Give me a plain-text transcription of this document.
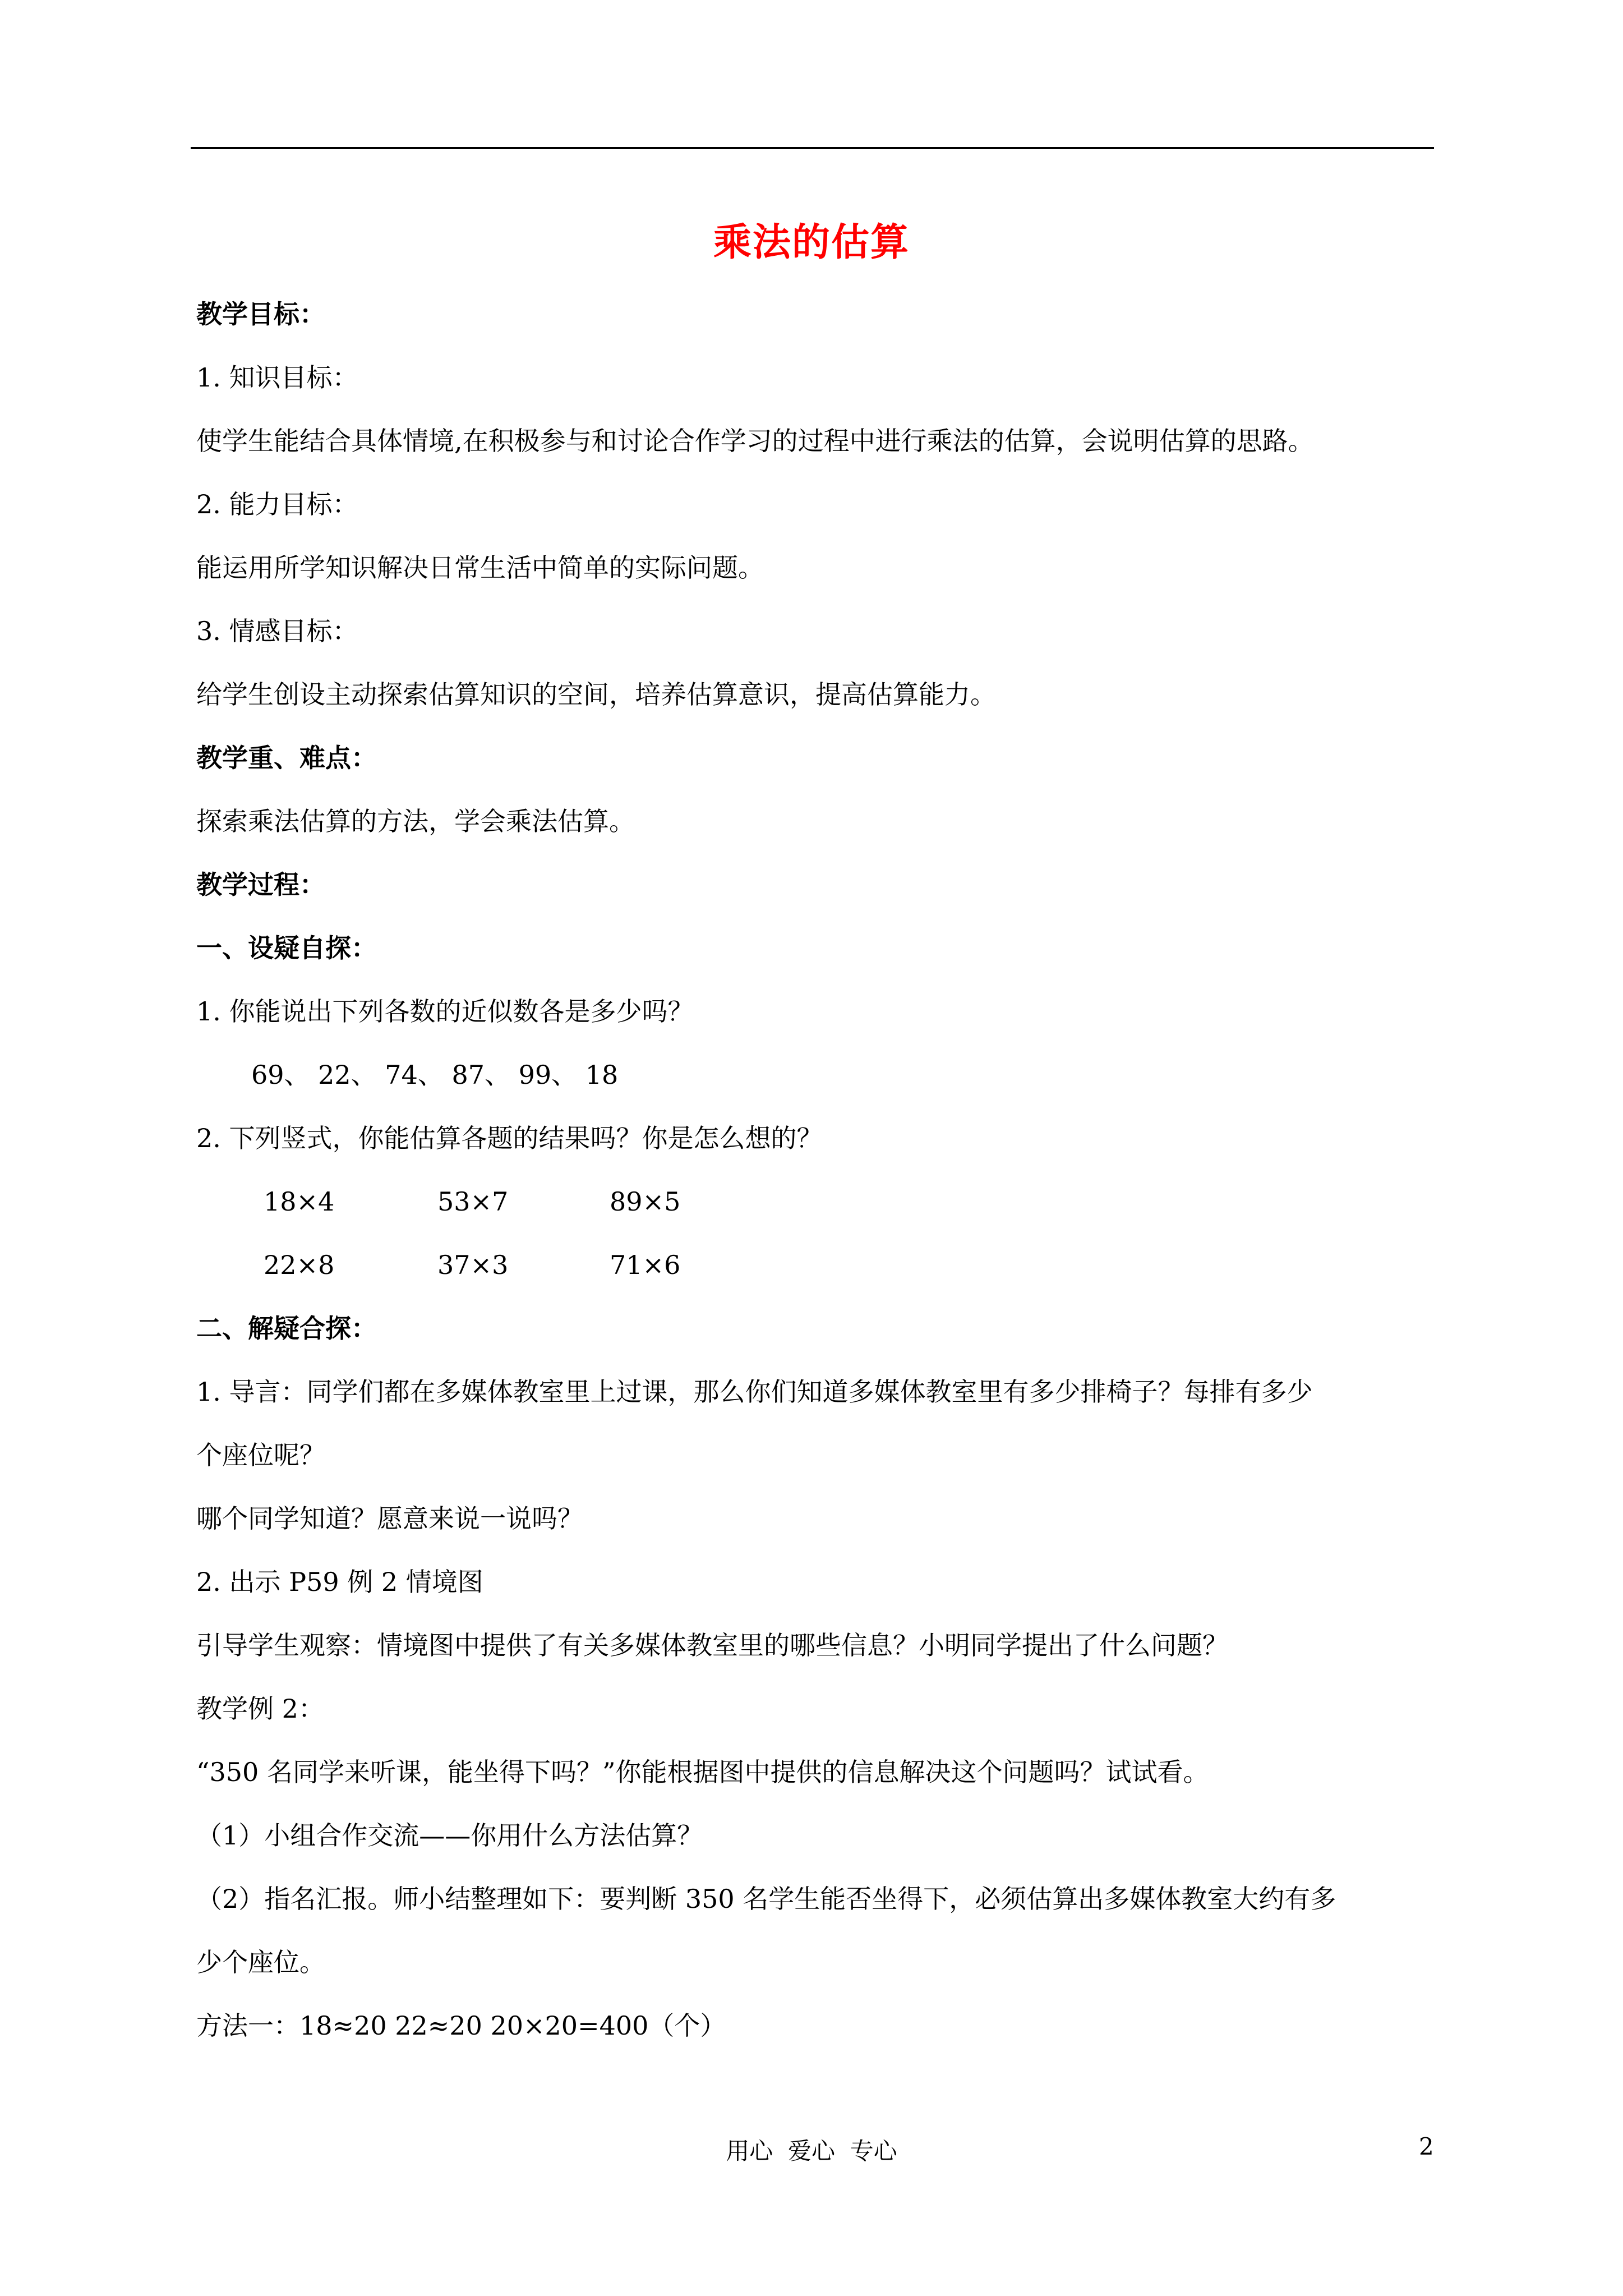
乘法的估算
教学目标：
1. 知识目标：
使学生能结合具体情境,在积极参与和讨论合作学习的过程中进行乘法的估算，会说明估算的思路。
2. 能力目标：
能运用所学知识解决日常生活中简单的实际问题。
3. 情感目标：
给学生创设主动探索估算知识的空间，培养估算意识，提高估算能力。
教学重、难点：
探索乘法估算的方法，学会乘法估算。
教学过程：
一、设疑自探：
1. 你能说出下列各数的近似数各是多少吗？
69、 22、 74、 87、 99、 18
2. 下列竖式，你能估算各题的结果吗？你是怎么想的？
18×4	53×7	89×5
22×8	37×3	71×6
二、解疑合探：
1. 导言：同学们都在多媒体教室里上过课，那么你们知道多媒体教室里有多少排椅子？每排有多少
个座位呢？
哪个同学知道？愿意来说一说吗？
2. 出示 P59 例 2 情境图
引导学生观察：情境图中提供了有关多媒体教室里的哪些信息？小明同学提出了什么问题？
教学例 2：
“350 名同学来听课，能坐得下吗？”你能根据图中提供的信息解决这个问题吗？试试看。
（1）小组合作交流——你用什么方法估算？
（2）指名汇报。师小结整理如下：要判断 350 名学生能否坐得下，必须估算出多媒体教室大约有多
少个座位。
方法一：18≈20 22≈20 20×20=400（个）
用心  爱心  专心	2
